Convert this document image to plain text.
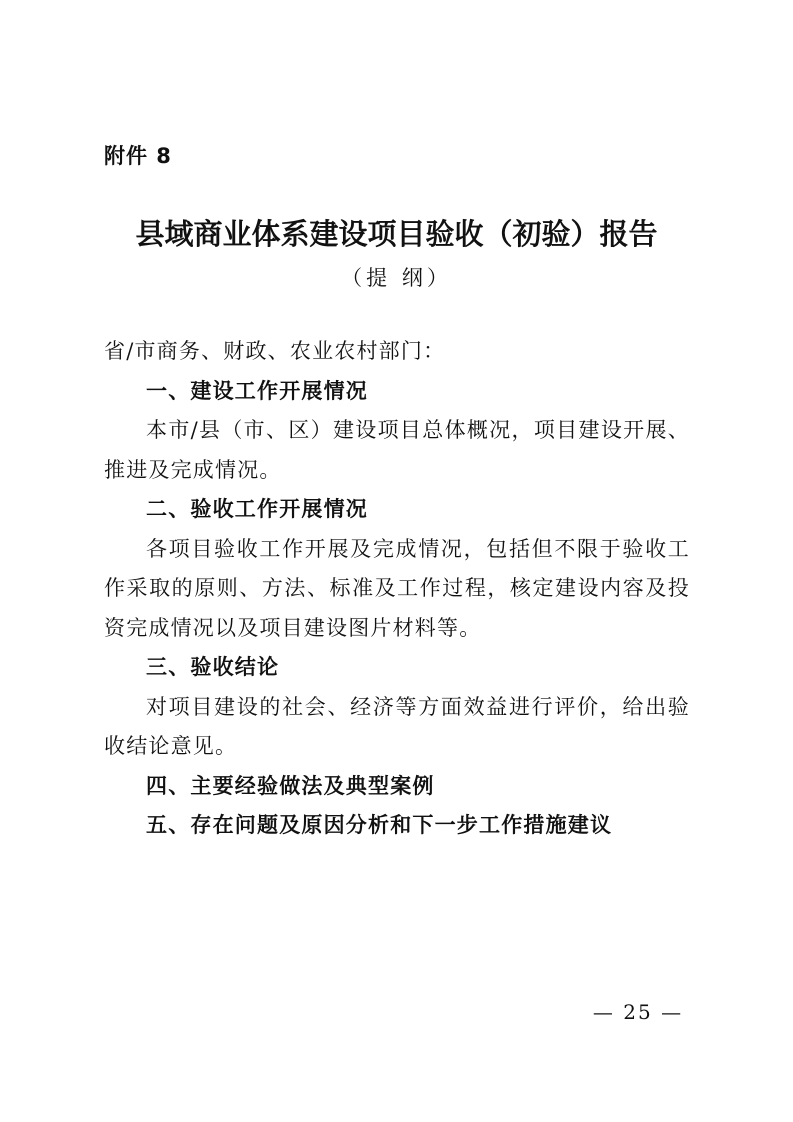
附件 8
县域商业体系建设项目验收（初验）报告
（提 纲）

省/市商务、财政、农业农村部门：

一、建设工作开展情况

本市/县（市、区）建设项目总体概况，项目建设开展、推进及完成情况。

二、验收工作开展情况

各项目验收工作开展及完成情况，包括但不限于验收工作采取的原则、方法、标准及工作过程，核定建设内容及投资完成情况以及项目建设图片材料等。

三、验收结论

对项目建设的社会、经济等方面效益进行评价，给出验收结论意见。

四、主要经验做法及典型案例

五、存在问题及原因分析和下一步工作措施建议

— 25 —
